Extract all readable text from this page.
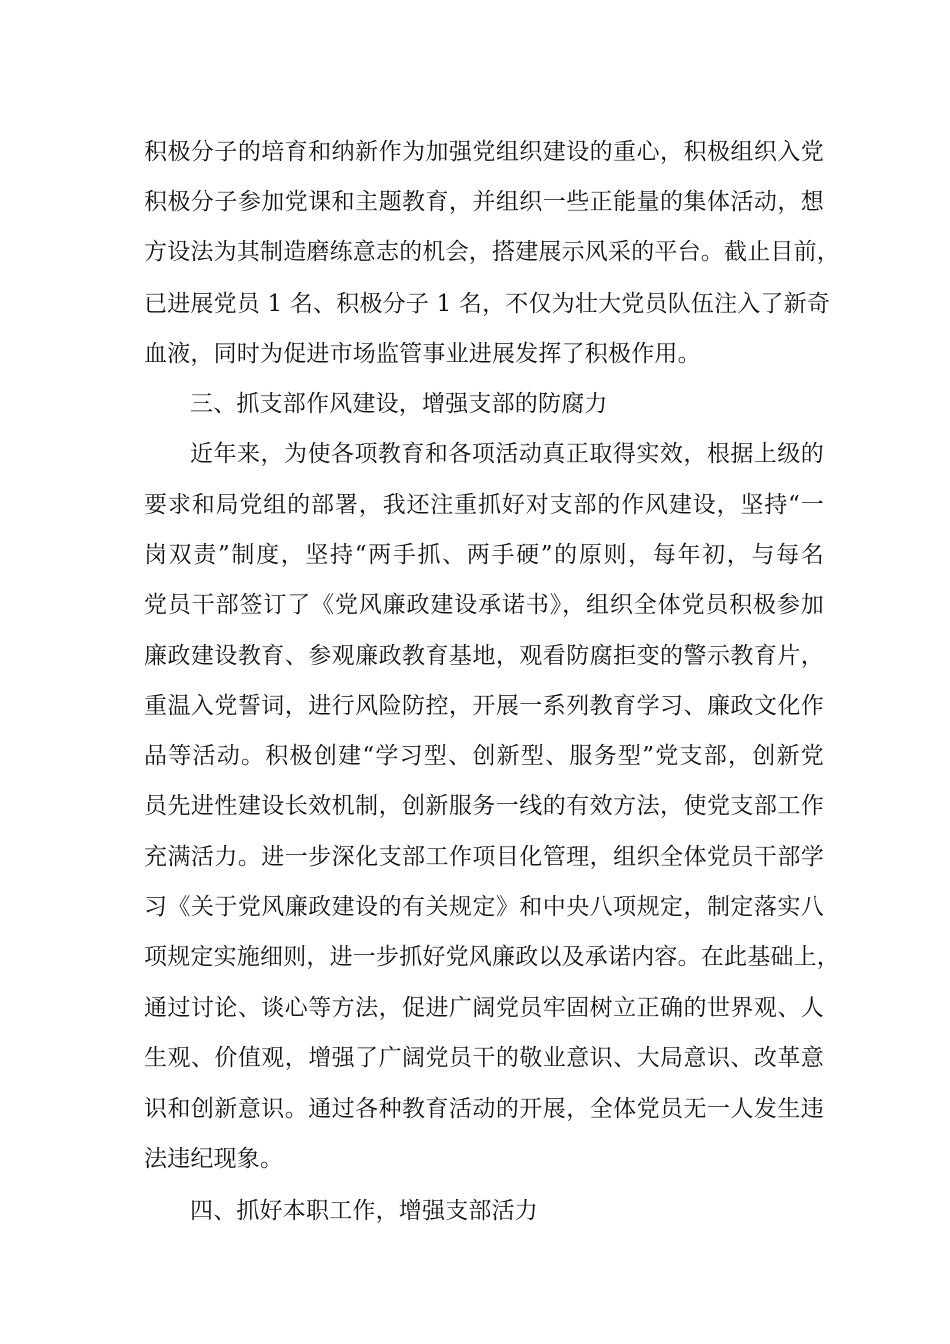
积极分子的培育和纳新作为加强党组织建设的重心，积极组织入党
积极分子参加党课和主题教育，并组织一些正能量的集体活动，想
方设法为其制造磨练意志的机会，搭建展示风采的平台。截止目前，
已进展党员 1 名、积极分子 1 名，不仅为壮大党员队伍注入了新奇
血液，同时为促进市场监管事业进展发挥了积极作用。
三、抓支部作风建设，增强支部的防腐力
近年来，为使各项教育和各项活动真正取得实效，根据上级的
要求和局党组的部署，我还注重抓好对支部的作风建设，坚持“一
岗双责”制度，坚持“两手抓、两手硬”的原则，每年初，与每名
党员干部签订了《党风廉政建设承诺书》，组织全体党员积极参加
廉政建设教育、参观廉政教育基地，观看防腐拒变的警示教育片，
重温入党誓词，进行风险防控，开展一系列教育学习、廉政文化作
品等活动。积极创建“学习型、创新型、服务型”党支部，创新党
员先进性建设长效机制，创新服务一线的有效方法，使党支部工作
充满活力。进一步深化支部工作项目化管理，组织全体党员干部学
习《关于党风廉政建设的有关规定》和中央八项规定，制定落实八
项规定实施细则，进一步抓好党风廉政以及承诺内容。在此基础上，
通过讨论、谈心等方法，促进广阔党员牢固树立正确的世界观、人
生观、价值观，增强了广阔党员干的敬业意识、大局意识、改革意
识和创新意识。通过各种教育活动的开展，全体党员无一人发生违
法违纪现象。
四、抓好本职工作，增强支部活力
